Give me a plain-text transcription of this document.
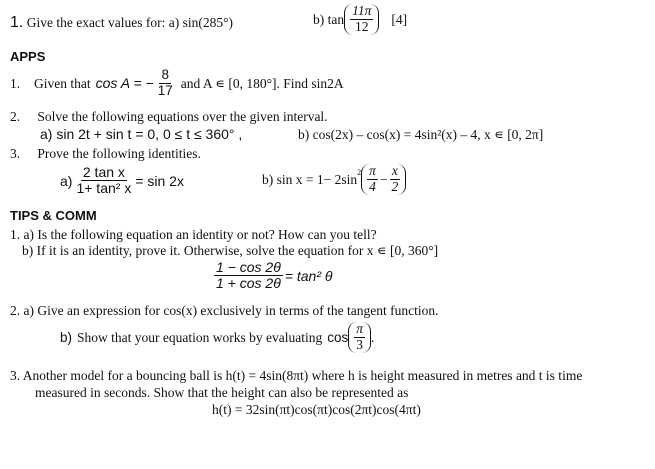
1. Give the exact values for: a) sin(285°)	b) $\tan \frac{11\pi}{12} [4]$
APPS
1.	Given that cos A = − $\frac{8}{17}$ and A ∊ [0, 180°]. Find sin2A
2. Solve the following equations over the given interval.
a) sin 2t + sin t = 0, 0 ≤ t ≤ 360° ,	b) cos(2x) – cos(x) = 4sin²(x) – 4, x ∊ [0, 2π]
3. Prove the following identities.
$a) \frac{\text{2 tan x}}{\text{1+ tan² x}} = \sin 2x$	b) $\sin x = 1- 2\sin^2 \frac{\pi}{4} - \frac{x}{2}$
TIPS & COMM
1. a) Is the following equation an identity or not? How can you tell?
b) If it is an identity, prove it. Otherwise, solve the equation for x ∊ [0, 360°]
$\frac{1 - \cos 2\theta}{1 + \cos 2\theta} = \tan^2$ θ
2. a) Give an expression for cos(x) exclusively in terms of the tangent function.
b) Show that your equation works by evaluating $\cos \frac{\pi}{3}$ .
3. Another model for a bouncing ball is h(t) = 4sin(8πt) where h is height measured in metres and t is time
measured in seconds. Show that the height can also be represented as
h(t) = 32sin(πt)cos(πt)cos(2πt)cos(4πt)
